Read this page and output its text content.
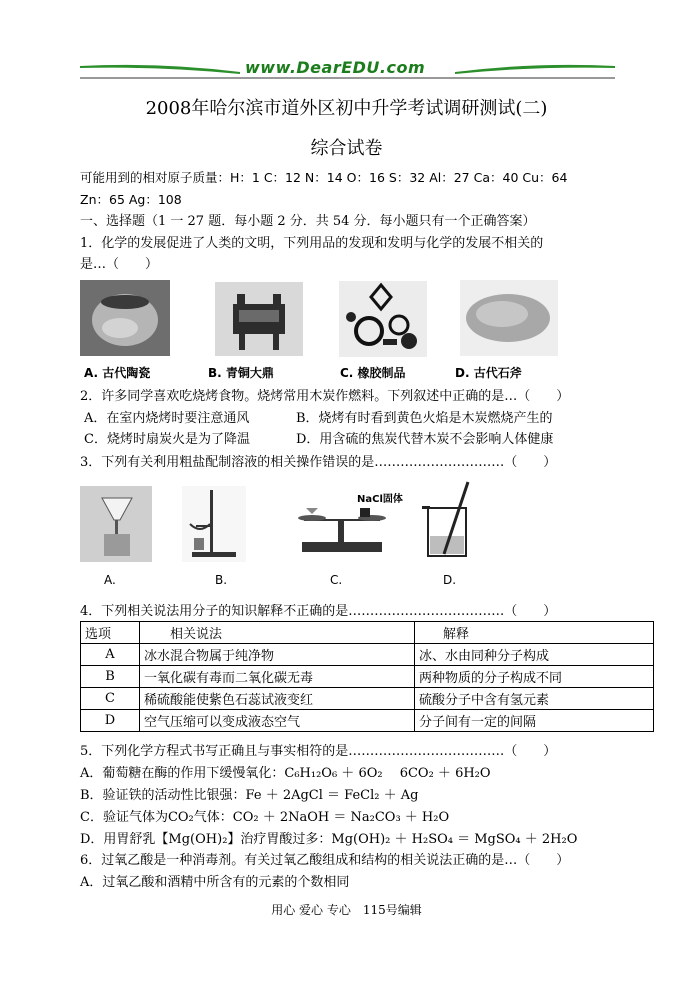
www.DearEDU.com
2008年哈尔滨市道外区初中升学考试调研测试(二)
综合试卷
可能用到的相对原子质量：H：1 C：12 N：14 O：16 S：32 Al：27 Ca：40 Cu：64
Zn：65 Ag：108
一、选择题（1 一 27 题．每小题 2 分．共 54 分．每小题只有一个正确答案）
1．化学的发展促进了人类的文明，下列用品的发现和发明与化学的发展不相关的
是…（　　）
A. 古代陶瓷	B. 青铜大鼎	C. 橡胶制品	D. 古代石斧
2．许多同学喜欢吃烧烤食物。烧烤常用木炭作燃料。下列叙述中正确的是…（　　）
A．在室内烧烤时要注意通风	B．烧烤有时看到黄色火焰是木炭燃烧产生的
C．烧烤时扇炭火是为了降温	D．用含硫的焦炭代替木炭不会影响人体健康
3．下列有关利用粗盐配制溶液的相关操作错误的是…………………………（　　）
NaCl固体
A.	B.	C.	D.
4．下列相关说法用分子的知识解释不正确的是………………………………（　　）
选项	相关说法	解释
A	冰水混合物属于纯净物	冰、水由同种分子构成
B	一氧化碳有毒而二氧化碳无毒	两种物质的分子构成不同
C	稀硫酸能使紫色石蕊试液变红	硫酸分子中含有氢元素
D	空气压缩可以变成液态空气	分子间有一定的间隔
5．下列化学方程式书写正确且与事实相符的是………………………………（　　）
A．葡萄糖在酶的作用下缓慢氧化：C₆H₁₂O₆ ＋ 6O₂　 6CO₂ ＋ 6H₂O
B．验证铁的活动性比银强：Fe ＋ 2AgCl ＝ FeCl₂ ＋ Ag
C．验证气体为CO₂气体：CO₂ ＋ 2NaOH ＝ Na₂CO₃ ＋ H₂O
D．用胃舒乳【Mg(OH)₂】治疗胃酸过多：Mg(OH)₂ ＋ H₂SO₄ ＝ MgSO₄ ＋ 2H₂O
6．过氧乙酸是一种消毒剂。有关过氧乙酸组成和结构的相关说法正确的是…（　　）
A．过氧乙酸和酒精中所含有的元素的个数相同
用心 爱心 专心　115号编辑
